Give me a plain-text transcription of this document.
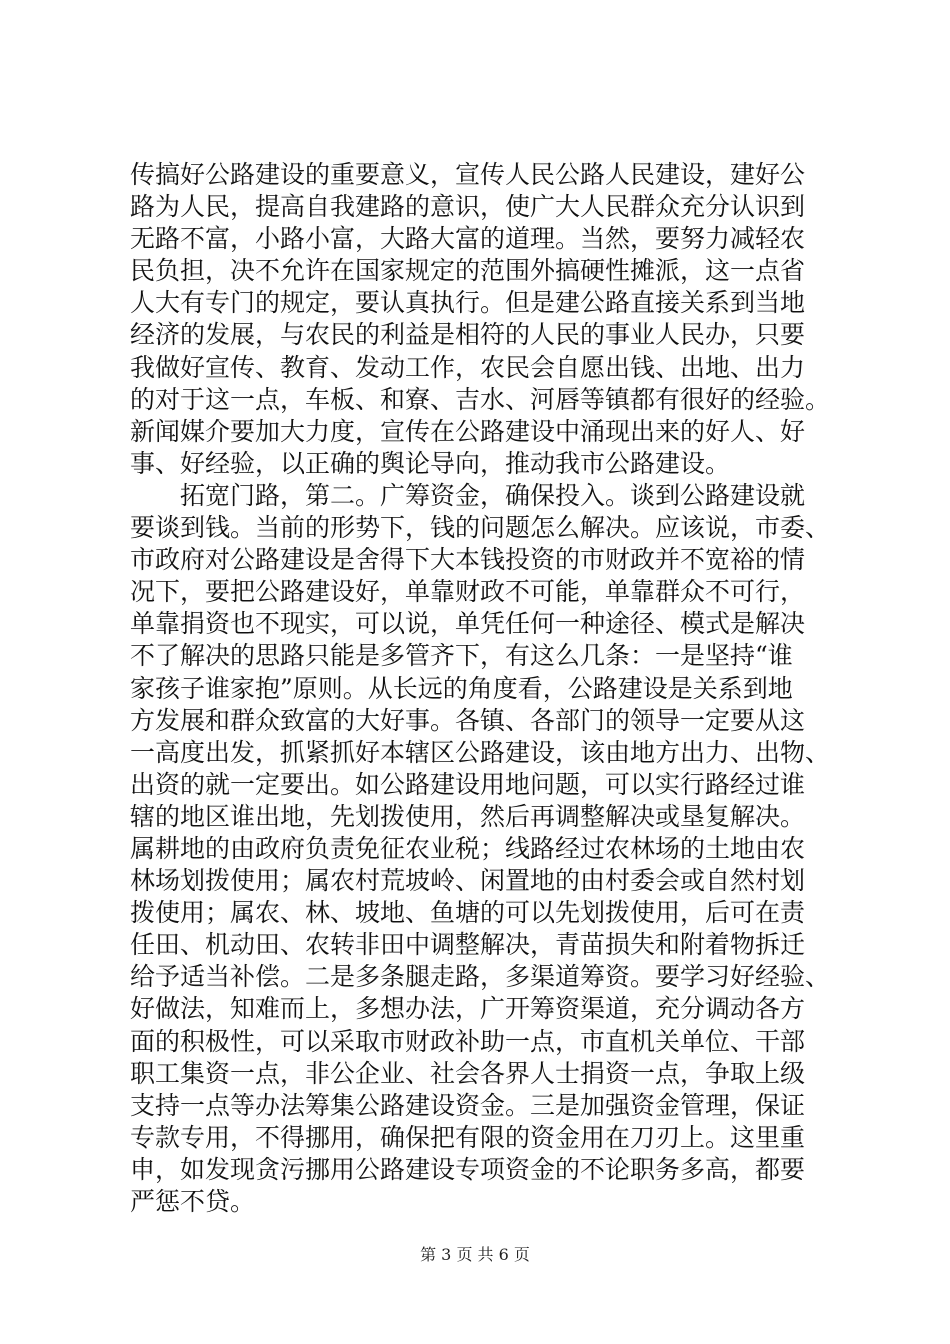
传搞好公路建设的重要意义，宣传人民公路人民建设，建好公
路为人民，提高自我建路的意识，使广大人民群众充分认识到
无路不富，小路小富，大路大富的道理。当然，要努力减轻农
民负担，决不允许在国家规定的范围外搞硬性摊派，这一点省
人大有专门的规定，要认真执行。但是建公路直接关系到当地
经济的发展，与农民的利益是相符的人民的事业人民办，只要
我做好宣传、教育、发动工作，农民会自愿出钱、出地、出力
的对于这一点，车板、和寮、吉水、河唇等镇都有很好的经验。
新闻媒介要加大力度，宣传在公路建设中涌现出来的好人、好
事、好经验，以正确的舆论导向，推动我市公路建设。
　　拓宽门路，第二。广筹资金，确保投入。谈到公路建设就
要谈到钱。当前的形势下，钱的问题怎么解决。应该说，市委、
市政府对公路建设是舍得下大本钱投资的市财政并不宽裕的情
况下，要把公路建设好，单靠财政不可能，单靠群众不可行，
单靠捐资也不现实，可以说，单凭任何一种途径、模式是解决
不了解决的思路只能是多管齐下，有这么几条：一是坚持“谁
家孩子谁家抱”原则。从长远的角度看，公路建设是关系到地
方发展和群众致富的大好事。各镇、各部门的领导一定要从这
一高度出发，抓紧抓好本辖区公路建设，该由地方出力、出物、
出资的就一定要出。如公路建设用地问题，可以实行路经过谁
辖的地区谁出地，先划拨使用，然后再调整解决或垦复解决。
属耕地的由政府负责免征农业税；线路经过农林场的土地由农
林场划拨使用；属农村荒坡岭、闲置地的由村委会或自然村划
拨使用；属农、林、坡地、鱼塘的可以先划拨使用，后可在责
任田、机动田、农转非田中调整解决，青苗损失和附着物拆迁
给予适当补偿。二是多条腿走路，多渠道筹资。要学习好经验、
好做法，知难而上，多想办法，广开筹资渠道，充分调动各方
面的积极性，可以采取市财政补助一点，市直机关单位、干部
职工集资一点，非公企业、社会各界人士捐资一点，争取上级
支持一点等办法筹集公路建设资金。三是加强资金管理，保证
专款专用，不得挪用，确保把有限的资金用在刀刃上。这里重
申，如发现贪污挪用公路建设专项资金的不论职务多高，都要
严惩不贷。
第 3 页 共 6 页
